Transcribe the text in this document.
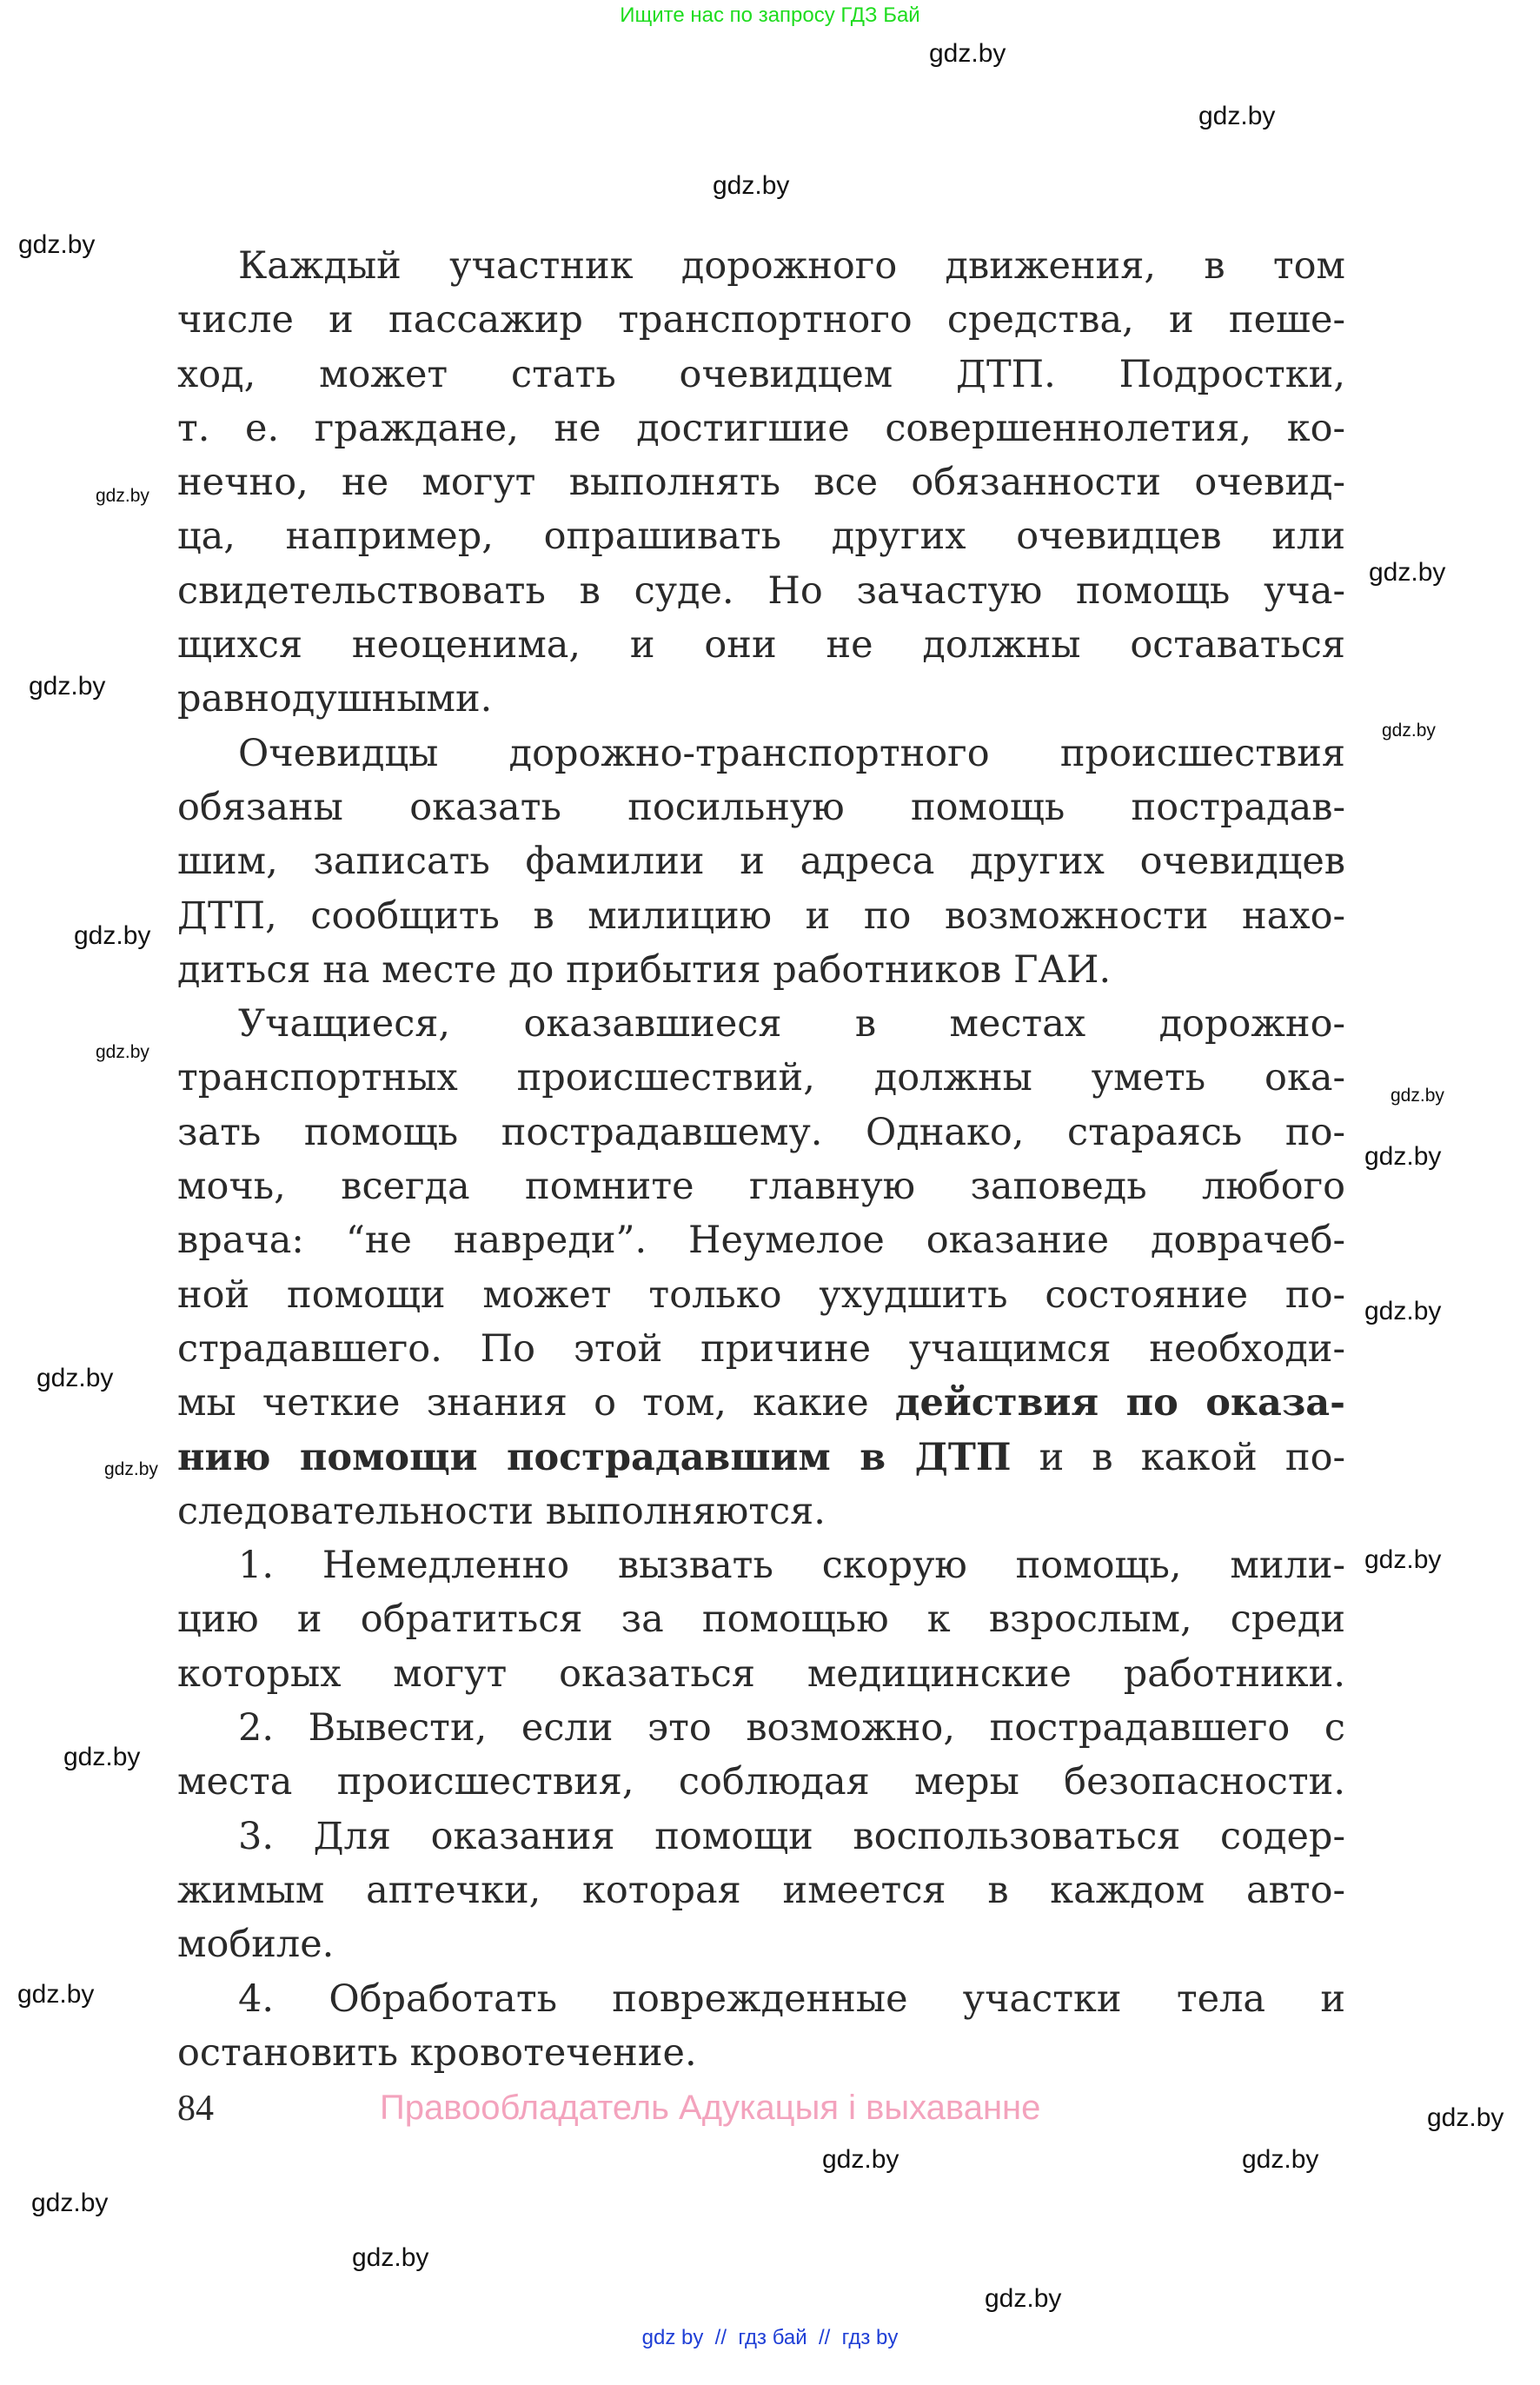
Ищите нас по запросу ГДЗ Бай
gdz.by
gdz.by
gdz.by
gdz.by
gdz.by
gdz.by
gdz.by
gdz.by
gdz.by
gdz.by
gdz.by
gdz.by
gdz.by
gdz.by
gdz.by
gdz.by
gdz.by
gdz.by
gdz.by	gdz.by
gdz.by
gdz.by
gdz.by
gdz.by
Каждый участник дорожного движения, в том
числе и пассажир транспортного средства, и пеше-
ход, может стать очевидцем ДТП. Подростки,
т. е. граждане, не достигшие совершеннолетия, ко-
нечно, не могут выполнять все обязанности очевид-
ца, например, опрашивать других очевидцев или
свидетельствовать в суде. Но зачастую помощь уча-
щихся неоценима, и они не должны оставаться
равнодушными.
Очевидцы дорожно-транспортного происшествия
обязаны оказать посильную помощь пострадав-
шим, записать фамилии и адреса других очевидцев
ДТП, сообщить в милицию и по возможности нахо-
диться на месте до прибытия работников ГАИ.
Учащиеся, оказавшиеся в местах дорожно-
транспортных происшествий, должны уметь ока-
зать помощь пострадавшему. Однако, стараясь по-
мочь, всегда помните главную заповедь любого
врача: “не навреди”. Неумелое оказание доврачеб-
ной помощи может только ухудшить состояние по-
страдавшего. По этой причине учащимся необходи-
мы четкие знания о том, какие действия по оказа-
нию помощи пострадавшим в ДТП и в какой по-
следовательности выполняются.
1. Немедленно вызвать скорую помощь, мили-
цию и обратиться за помощью к взрослым, среди
которых могут оказаться медицинские работники.
2. Вывести, если это возможно, пострадавшего с
места происшествия, соблюдая меры безопасности.
3. Для оказания помощи воспользоваться содер-
жимым аптечки, которая имеется в каждом авто-
мобиле.
4. Обработать поврежденные участки тела и
остановить кровотечение.
84	Правообладатель Адукацыя і выхаванне
gdz by  //  гдз бай  //  гдз by
